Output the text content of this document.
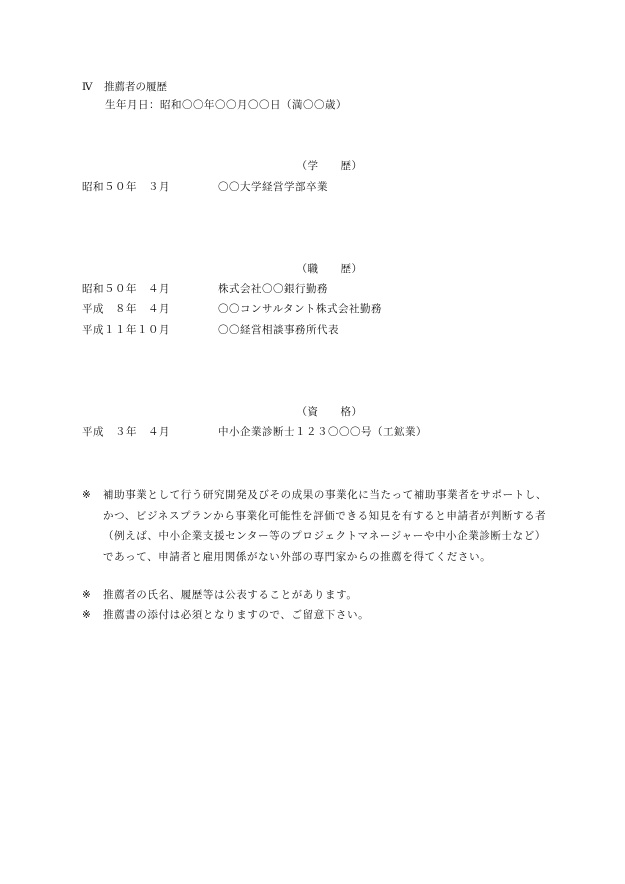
Ⅳ 推薦者の履歴
生年月日：昭和〇〇年〇〇月〇〇日（満〇〇歳）
（学　　歴）
昭和５０年　３月	〇〇大学経営学部卒業
（職　　歴）
昭和５０年　４月	株式会社〇〇銀行勤務
平成　８年　４月	〇〇コンサルタント株式会社勤務
平成１１年１０月	〇〇経営相談事務所代表
（資　　格）
平成　３年　４月	中小企業診断士１２３〇〇〇号（工鉱業）
※	補助事業として行う研究開発及びその成果の事業化に当たって補助事業者をサポートし、かつ、ビジネスプランから事業化可能性を評価できる知見を有すると申請者が判断する者（例えば、中小企業支援センター等のプロジェクトマネージャーや中小企業診断士など）であって、申請者と雇用関係がない外部の専門家からの推薦を得てください。
※	推薦者の氏名、履歴等は公表することがあります。
※	推薦書の添付は必須となりますので、ご留意下さい。
